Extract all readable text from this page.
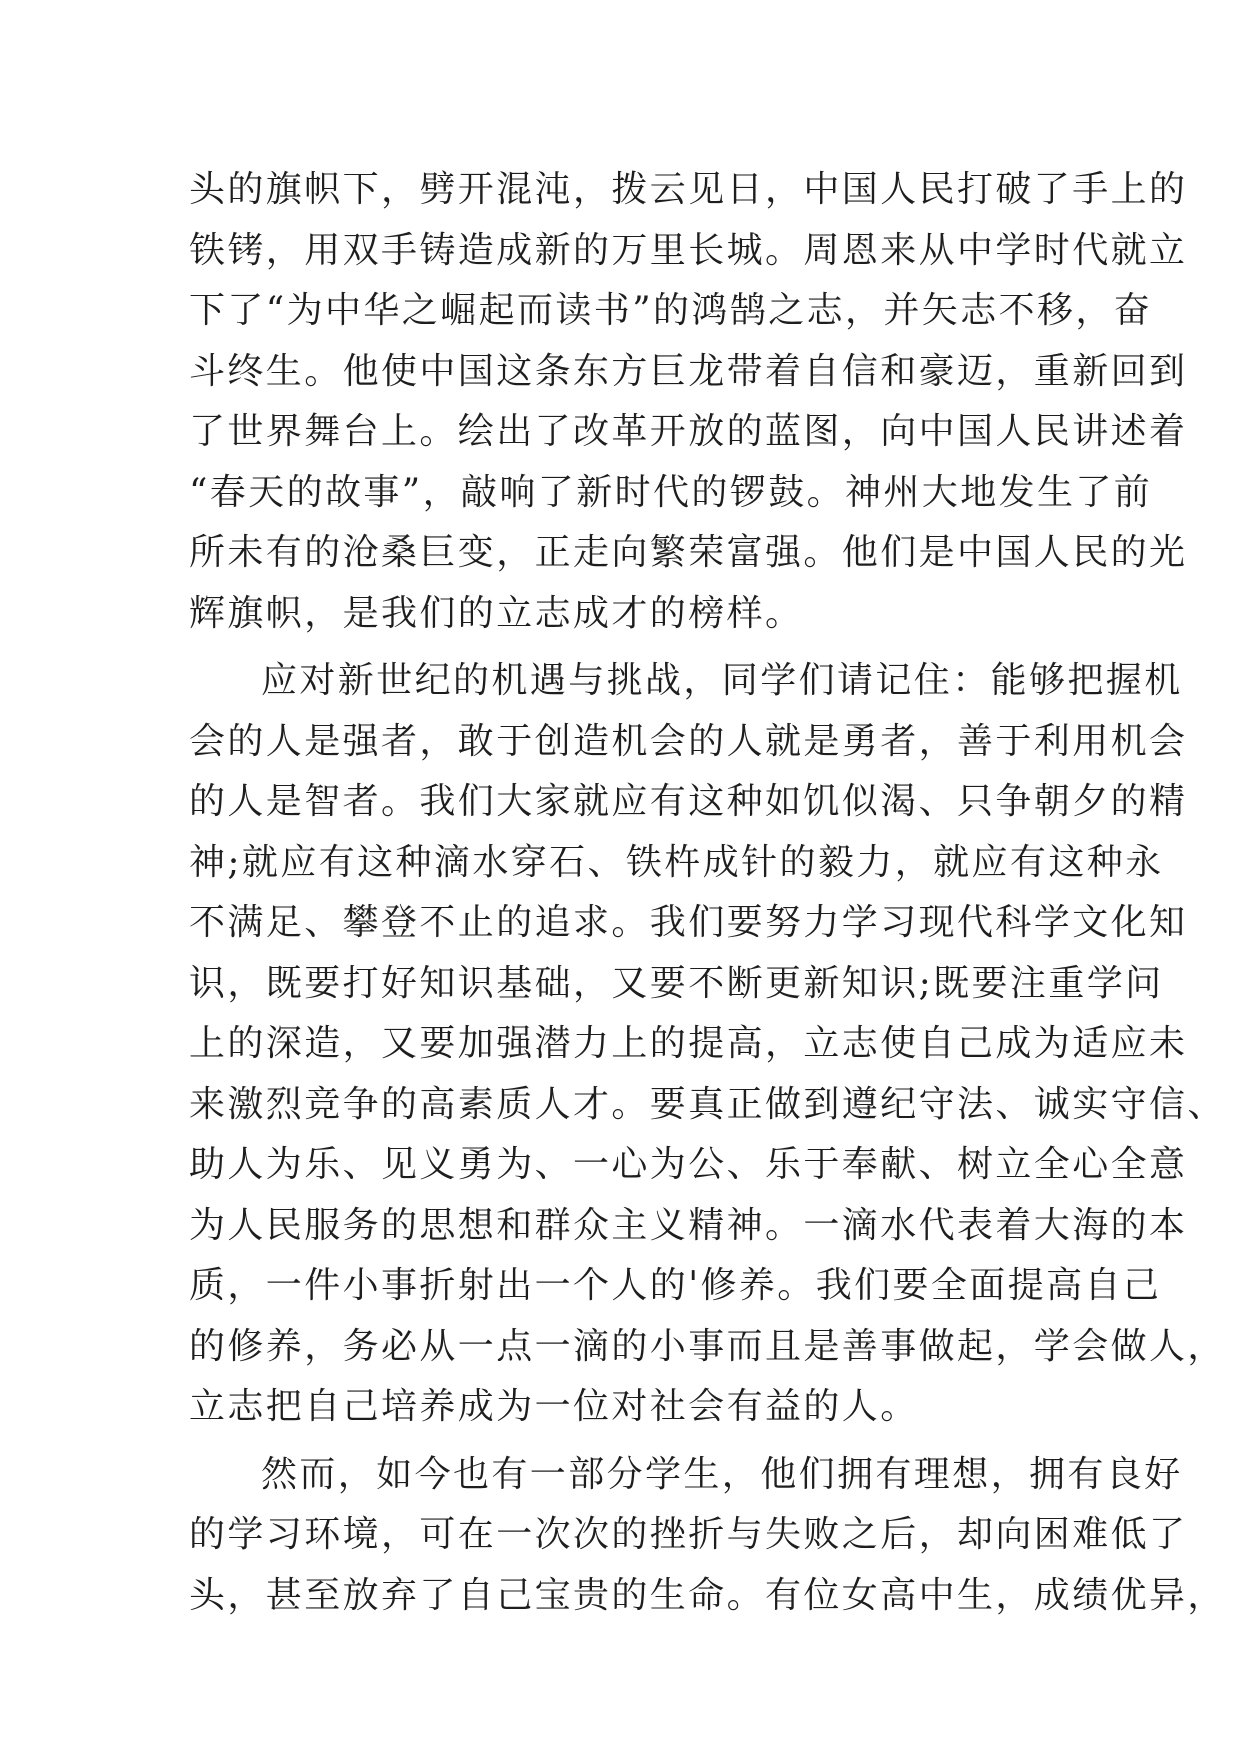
头的旗帜下，劈开混沌，拨云见日，中国人民打破了手上的
铁铐，用双手铸造成新的万里长城。周恩来从中学时代就立
下了“为中华之崛起而读书”的鸿鹄之志，并矢志不移，奋
斗终生。他使中国这条东方巨龙带着自信和豪迈，重新回到
了世界舞台上。绘出了改革开放的蓝图，向中国人民讲述着
“春天的故事”，敲响了新时代的锣鼓。神州大地发生了前
所未有的沧桑巨变，正走向繁荣富强。他们是中国人民的光
辉旗帜，是我们的立志成才的榜样。
应对新世纪的机遇与挑战，同学们请记住：能够把握机
会的人是强者，敢于创造机会的人就是勇者，善于利用机会
的人是智者。我们大家就应有这种如饥似渴、只争朝夕的精
神;就应有这种滴水穿石、铁杵成针的毅力，就应有这种永
不满足、攀登不止的追求。我们要努力学习现代科学文化知
识，既要打好知识基础，又要不断更新知识;既要注重学问
上的深造，又要加强潜力上的提高，立志使自己成为适应未
来激烈竞争的高素质人才。要真正做到遵纪守法、诚实守信、
助人为乐、见义勇为、一心为公、乐于奉献、树立全心全意
为人民服务的思想和群众主义精神。一滴水代表着大海的本
质，一件小事折射出一个人的'修养。我们要全面提高自己
的修养，务必从一点一滴的小事而且是善事做起，学会做人，
立志把自己培养成为一位对社会有益的人。
然而，如今也有一部分学生，他们拥有理想，拥有良好
的学习环境，可在一次次的挫折与失败之后，却向困难低了
头，甚至放弃了自己宝贵的生命。有位女高中生，成绩优异，
